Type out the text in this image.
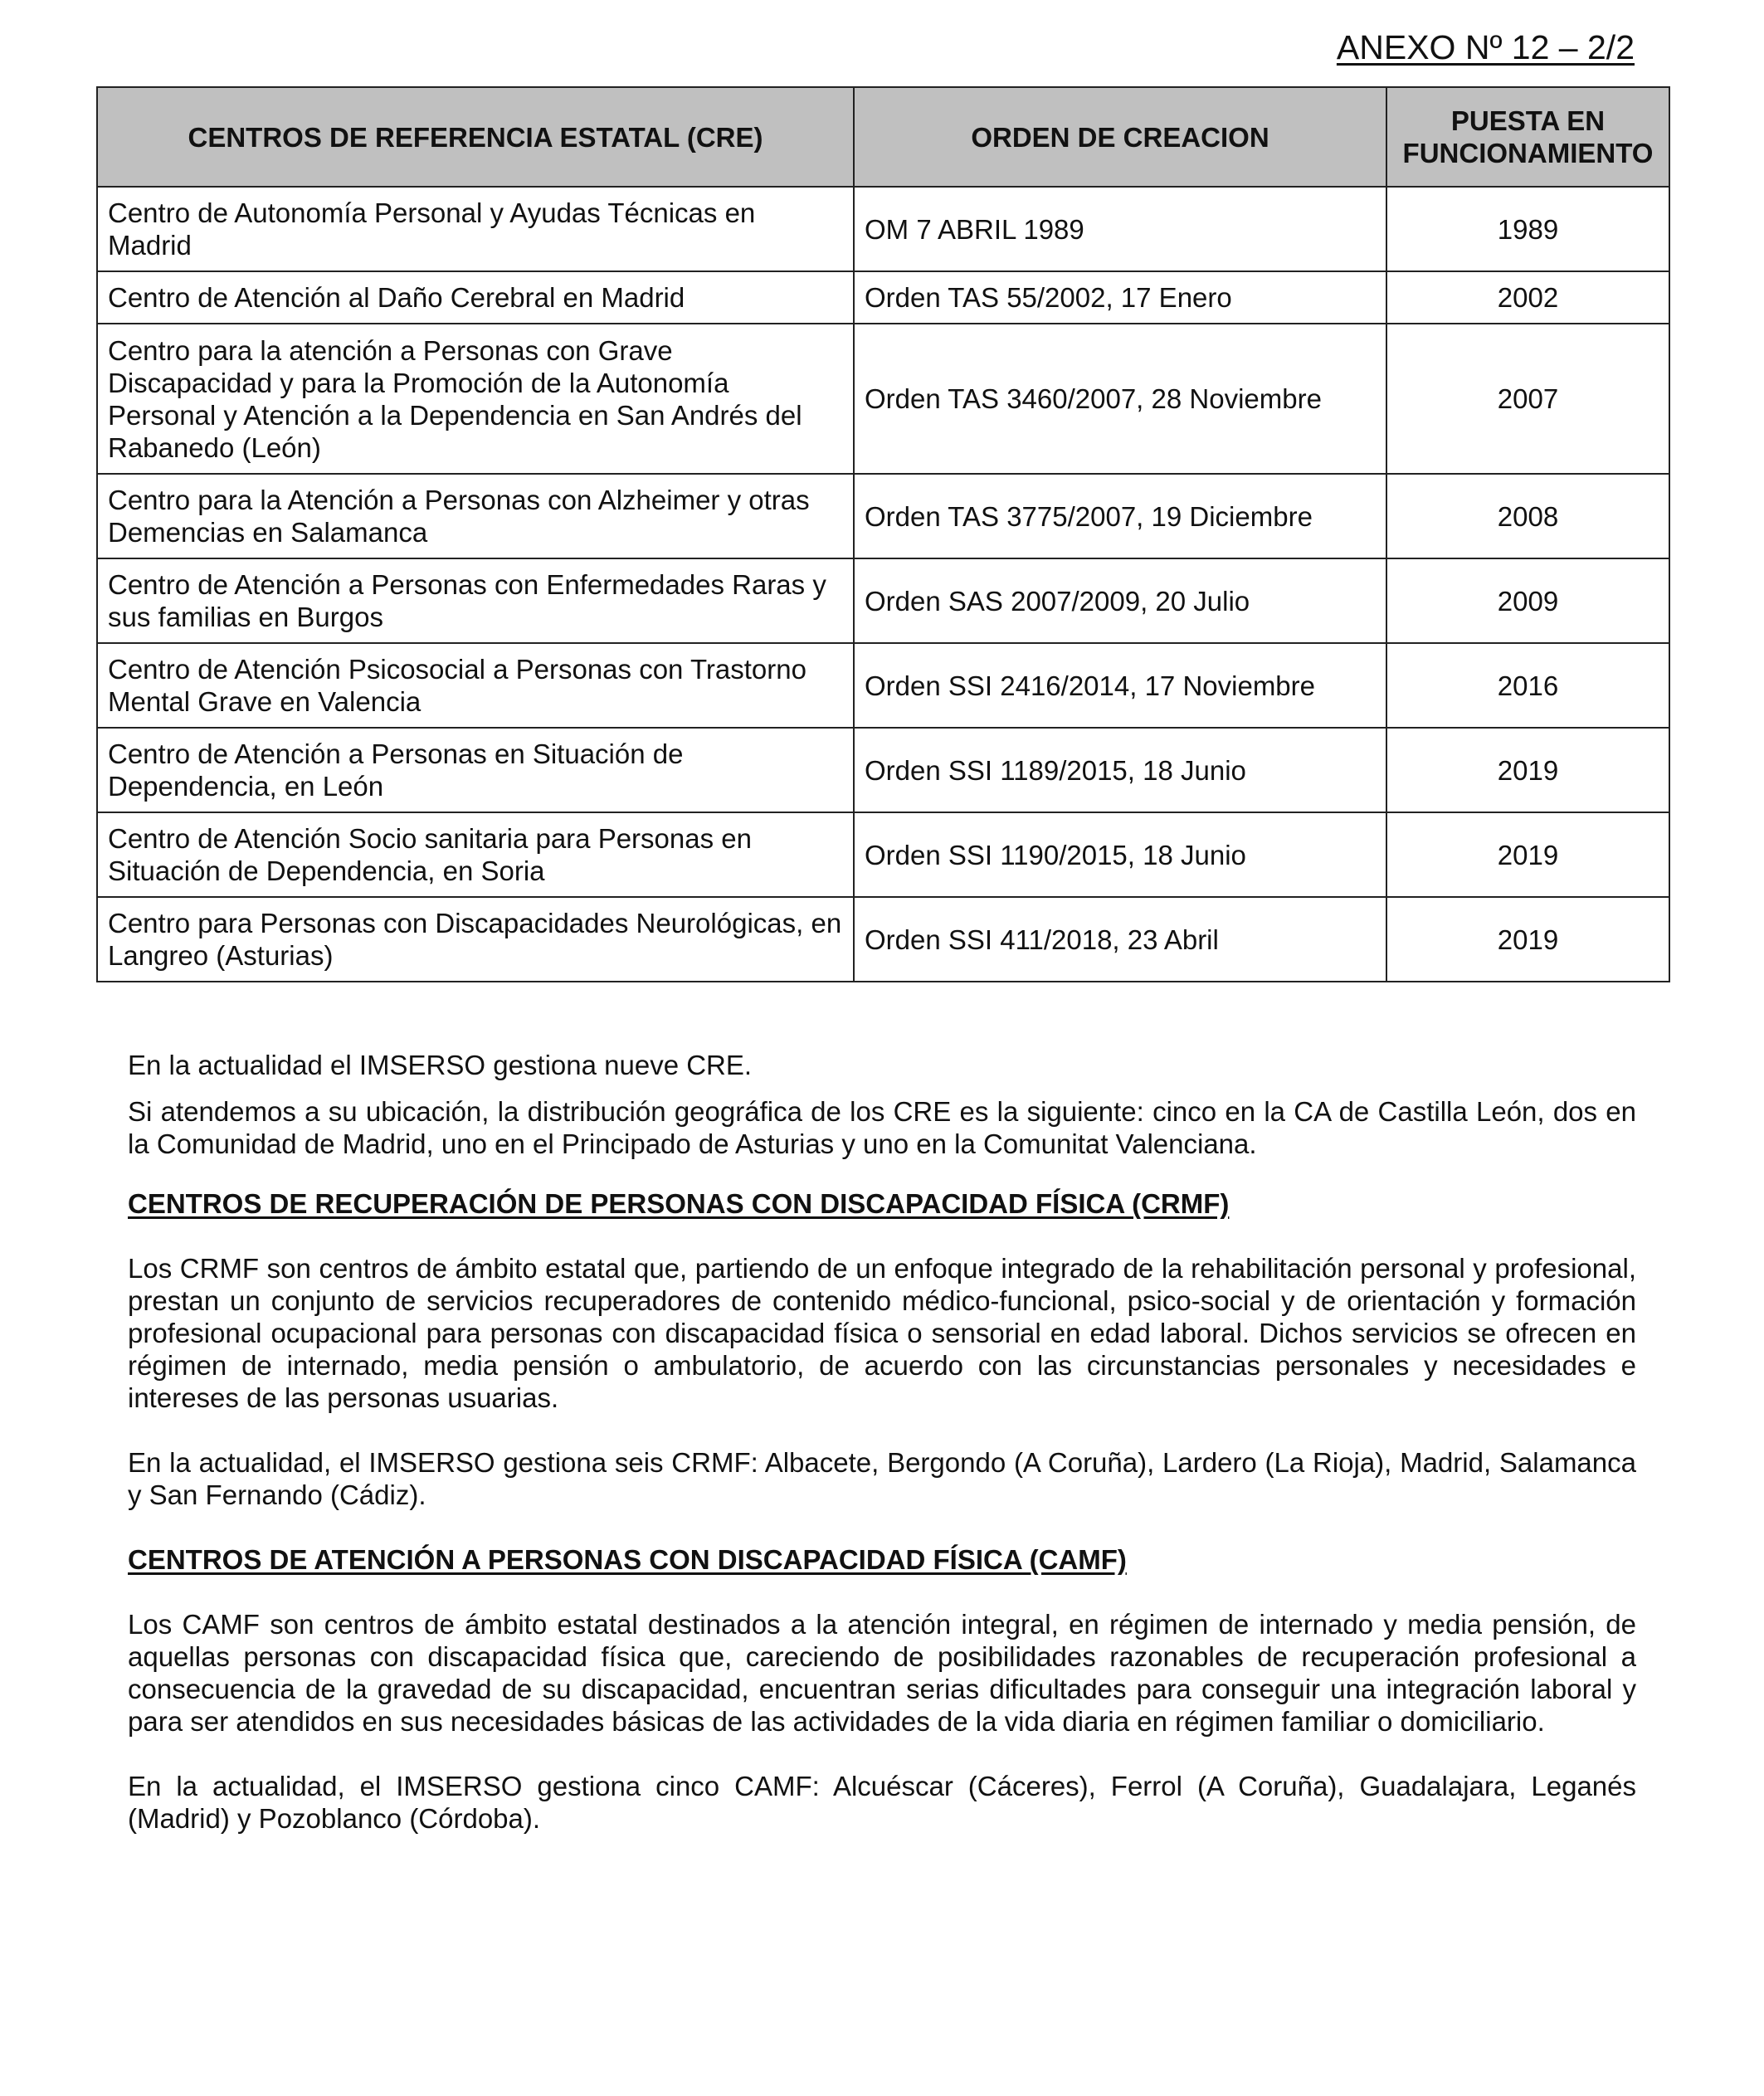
ANEXO Nº 12 – 2/2
CENTROS DE REFERENCIA ESTATAL (CRE)	ORDEN DE CREACION	PUESTA EN FUNCIONAMIENTO
Centro de Autonomía Personal y Ayudas Técnicas en Madrid	OM 7 ABRIL 1989	1989
Centro de Atención al Daño Cerebral en Madrid	Orden TAS 55/2002, 17 Enero	2002
Centro para la atención a Personas con Grave Discapacidad y para la Promoción de la Autonomía Personal y Atención a la Dependencia en San Andrés del Rabanedo (León)	Orden TAS 3460/2007, 28 Noviembre	2007
Centro para la Atención a Personas con Alzheimer y otras Demencias en Salamanca	Orden TAS 3775/2007, 19 Diciembre	2008
Centro de Atención a Personas con Enfermedades Raras y sus familias en Burgos	Orden SAS 2007/2009, 20 Julio	2009
Centro de Atención Psicosocial a Personas con Trastorno Mental Grave en Valencia	Orden SSI 2416/2014, 17 Noviembre	2016
Centro de Atención a Personas en Situación de Dependencia, en León	Orden SSI 1189/2015, 18 Junio	2019
Centro de Atención Socio sanitaria para Personas en Situación de Dependencia, en Soria	Orden SSI 1190/2015, 18 Junio	2019
Centro para Personas con Discapacidades Neurológicas, en Langreo (Asturias)	Orden SSI 411/2018, 23 Abril	2019

En la actualidad el IMSERSO gestiona nueve CRE.

Si atendemos a su ubicación, la distribución geográfica de los CRE es la siguiente: cinco en la CA de Castilla León, dos en la Comunidad de Madrid, uno en el Principado de Asturias y uno en la Comunitat Valenciana.

CENTROS DE RECUPERACIÓN DE PERSONAS CON DISCAPACIDAD FÍSICA (CRMF)

Los CRMF son centros de ámbito estatal que, partiendo de un enfoque integrado de la rehabilitación personal y profesional, prestan un conjunto de servicios recuperadores de contenido médico-funcional, psico-social y de orientación y formación profesional ocupacional para personas con discapacidad física o sensorial en edad laboral. Dichos servicios se ofrecen en régimen de internado, media pensión o ambulatorio, de acuerdo con las circunstancias personales y necesidades e intereses de las personas usuarias.

En la actualidad, el IMSERSO gestiona seis CRMF: Albacete, Bergondo (A Coruña), Lardero (La Rioja), Madrid, Salamanca y San Fernando (Cádiz).

CENTROS DE ATENCIÓN A PERSONAS CON DISCAPACIDAD FÍSICA (CAMF)

Los CAMF son centros de ámbito estatal destinados a la atención integral, en régimen de internado y media pensión, de aquellas personas con discapacidad física que, careciendo de posibilidades razonables de recuperación profesional a consecuencia de la gravedad de su discapacidad, encuentran serias dificultades para conseguir una integración laboral y para ser atendidos en sus necesidades básicas de las actividades de la vida diaria en régimen familiar o domiciliario.

En la actualidad, el IMSERSO gestiona cinco CAMF: Alcuéscar (Cáceres), Ferrol (A Coruña), Guadalajara, Leganés (Madrid) y Pozoblanco (Córdoba).
